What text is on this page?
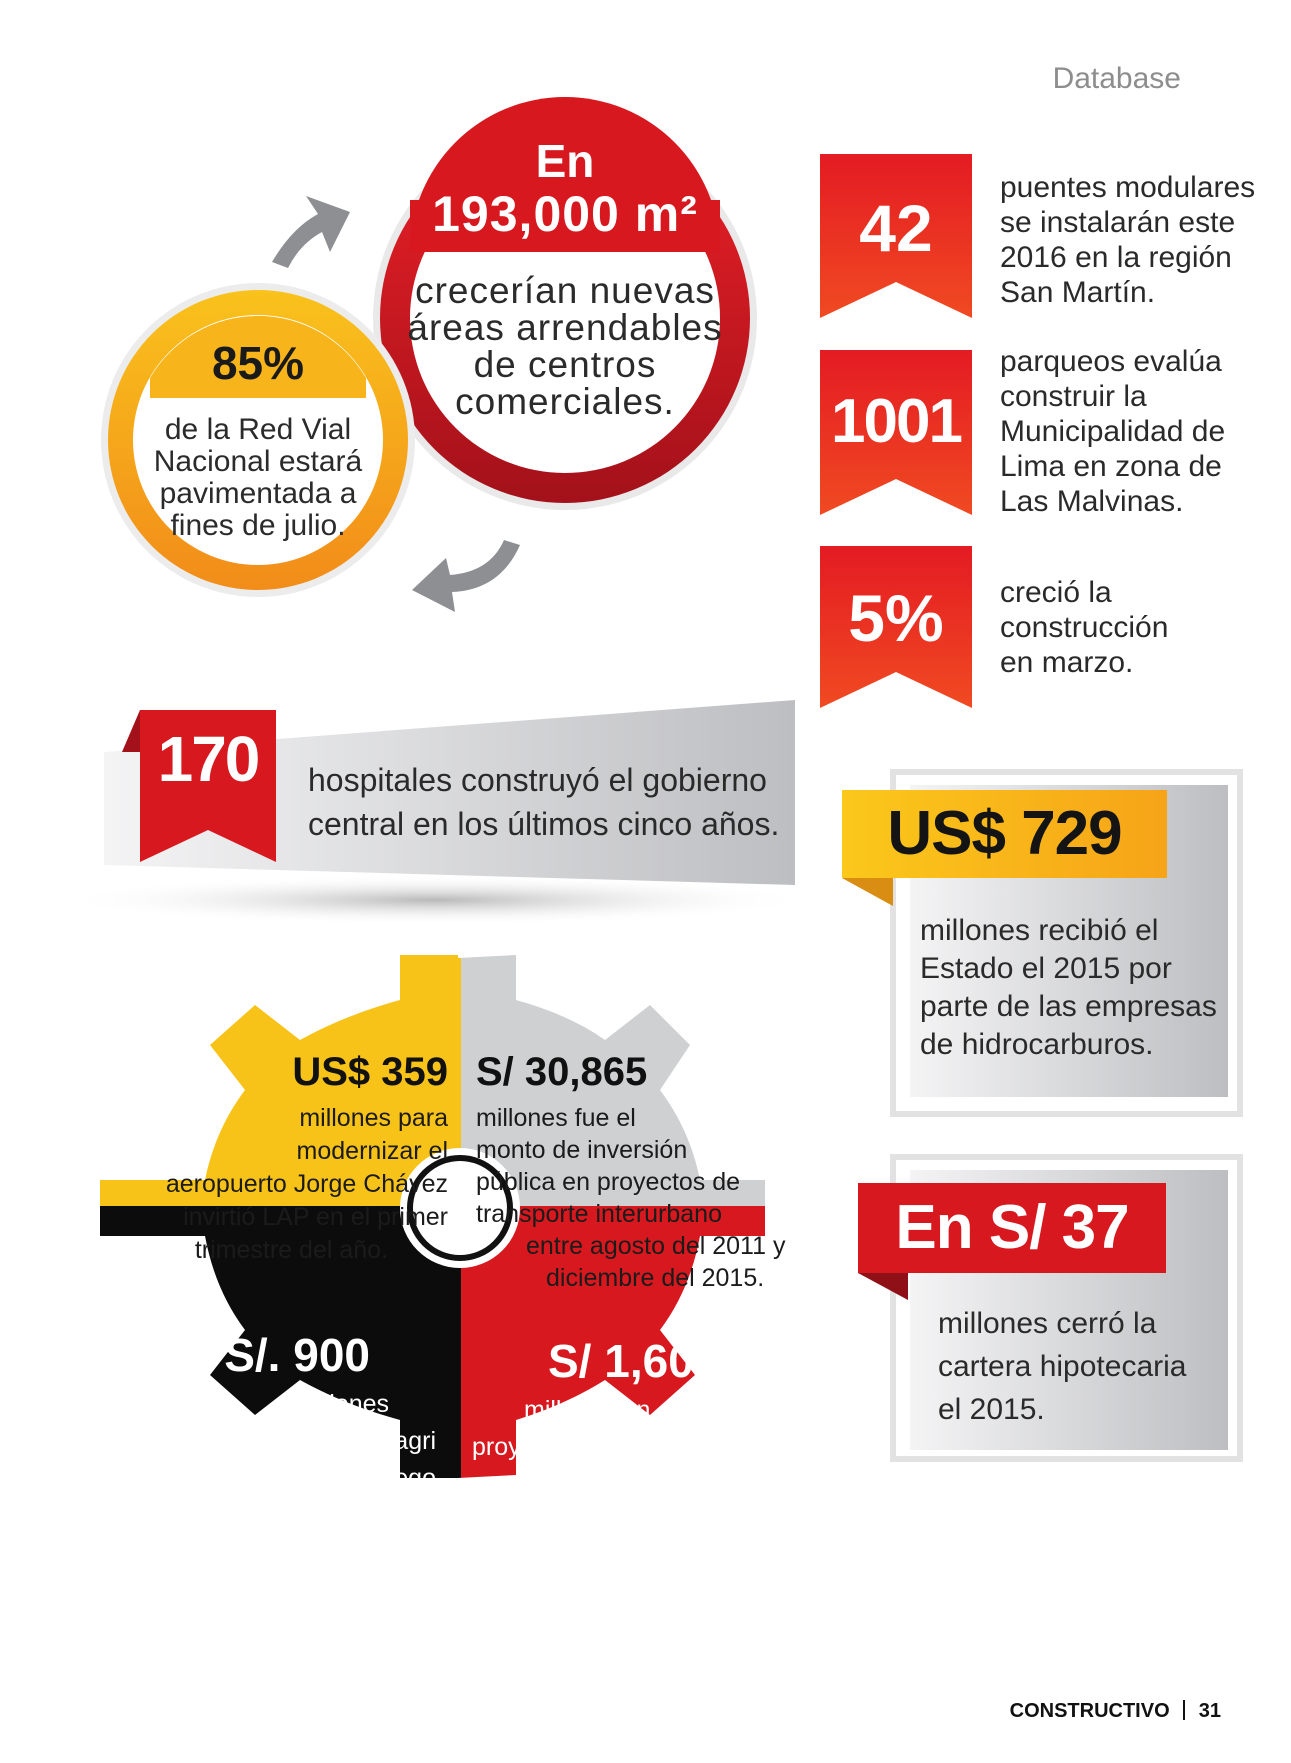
Database
En
193,000 m²
crecerían nuevas
áreas arrendables
de centros
comerciales.
85%
de la Red Vial
Nacional estará
pavimentada a
fines de julio.
42
puentes modulares
se instalarán este
2016 en la región
San Martín.
1001
parqueos evalúa
construir la
Municipalidad de
Lima en zona de
Las Malvinas.
5%	creció la
construcción
en marzo.
170	hospitales construyó el gobierno
central en los últimos cinco años.	US$ 729
millones recibió el
Estado el 2015 por
parte de las empresas
de hidrocarburos.
En S/ 37
millones cerró la
cartera hipotecaria
el 2015.
US$ 359
millones para
modernizar el
aeropuerto Jorge Chávez
invirtió LAP en el primer
trimestre del año.
S/ 30,865
millones fue el
monto de inversión
pública en proyectos de
transporte interurbano
entre agosto del 2011 y
diciembre del 2015.
S/. 900
millones
invirtió el Minagri
en obras de riego
para enfrentar el
Fenómeno
El Niño.
S/ 1,600
millones en
proyectos de agua y
saneamiento invirtió
el MVCS.
CONSTRUCTIVO 31
